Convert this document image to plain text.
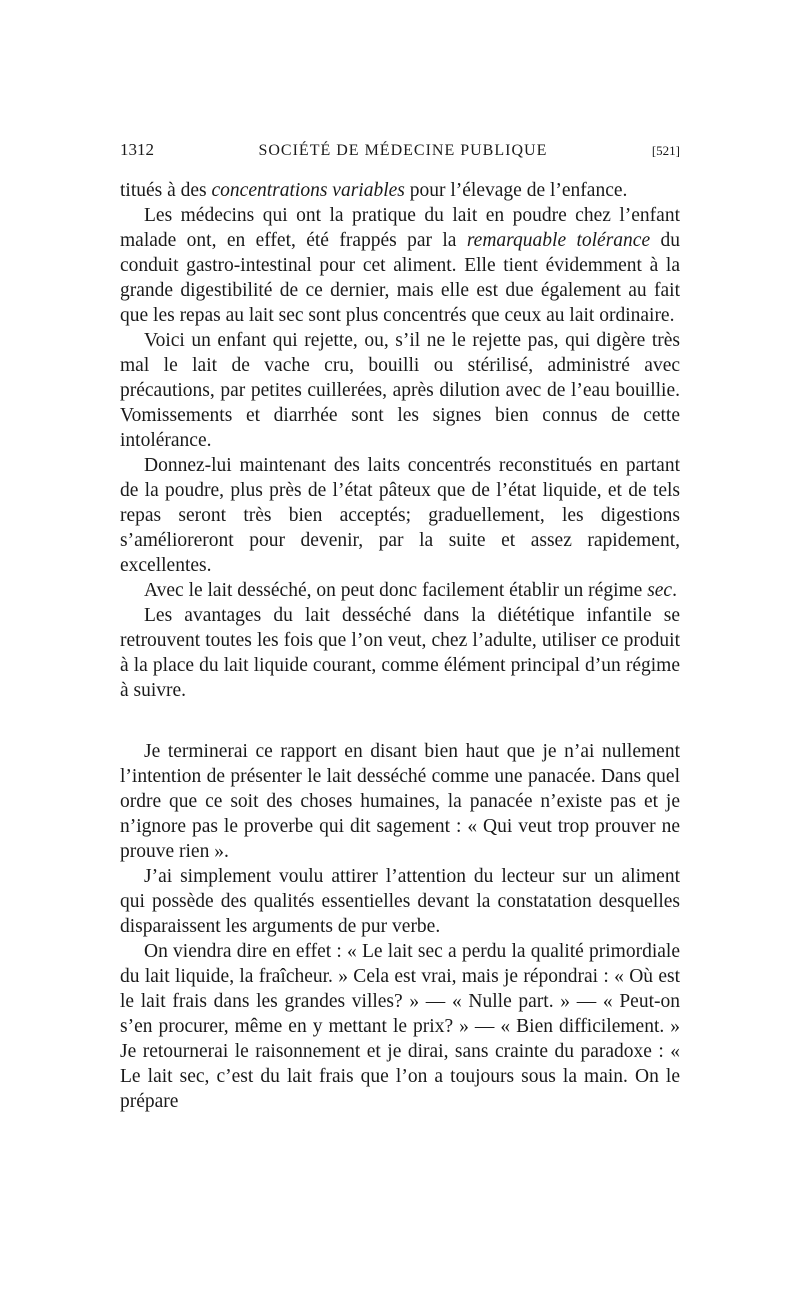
1312	SOCIÉTÉ DE MÉDECINE PUBLIQUE	[521]

titués à des concentrations variables pour l’élevage de l’enfance.

Les médecins qui ont la pratique du lait en poudre chez l’enfant malade ont, en effet, été frappés par la remarquable tolérance du conduit gastro-intestinal pour cet aliment. Elle tient évidemment à la grande digestibilité de ce dernier, mais elle est due également au fait que les repas au lait sec sont plus concentrés que ceux au lait ordinaire.

Voici un enfant qui rejette, ou, s’il ne le rejette pas, qui digère très mal le lait de vache cru, bouilli ou stérilisé, administré avec précautions, par petites cuillerées, après dilution avec de l’eau bouillie. Vomissements et diarrhée sont les signes bien connus de cette intolérance.

Donnez-lui maintenant des laits concentrés reconstitués en partant de la poudre, plus près de l’état pâteux que de l’état liquide, et de tels repas seront très bien acceptés; graduellement, les digestions s’amélioreront pour devenir, par la suite et assez rapidement, excellentes.

Avec le lait desséché, on peut donc facilement établir un régime sec.

Les avantages du lait desséché dans la diététique infantile se retrouvent toutes les fois que l’on veut, chez l’adulte, utiliser ce produit à la place du lait liquide courant, comme élément principal d’un régime à suivre.

Je terminerai ce rapport en disant bien haut que je n’ai nullement l’intention de présenter le lait desséché comme une panacée. Dans quel ordre que ce soit des choses humaines, la panacée n’existe pas et je n’ignore pas le proverbe qui dit sagement : « Qui veut trop prouver ne prouve rien ».

J’ai simplement voulu attirer l’attention du lecteur sur un aliment qui possède des qualités essentielles devant la constatation desquelles disparaissent les arguments de pur verbe.

On viendra dire en effet : « Le lait sec a perdu la qualité primordiale du lait liquide, la fraîcheur. » Cela est vrai, mais je répondrai : « Où est le lait frais dans les grandes villes? » — « Nulle part. » — « Peut-on s’en procurer, même en y mettant le prix? » — « Bien difficilement. » Je retournerai le raisonnement et je dirai, sans crainte du paradoxe : « Le lait sec, c’est du lait frais que l’on a toujours sous la main. On le prépare
